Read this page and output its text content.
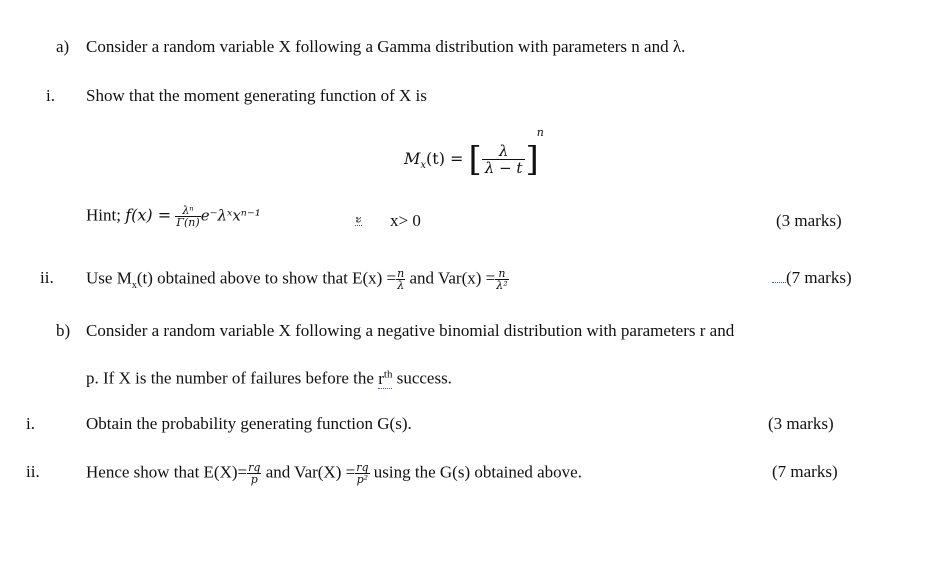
a) Consider a random variable X following a Gamma distribution with parameters n and λ.
i. Show that the moment generating function of X is
$M_x(t)$ = [ $\frac{\lambda}{\lambda - t} ]^n$
Hint; $f(x) = \frac{\text{λⁿ}}{\Gamma(n)}$ e⁻λˣxⁿ⁻¹	ะ x> 0	(3 marks)
ii. Use $M_x(t)$ obtained above to show that $E(x) = \frac{n}{\lambda}$ and $Var(x) = \frac{n}{\text{λ²}}$	(7 marks)
b) Consider a random variable X following a negative binomial distribution with parameters r and
p. If X is the number of failures before the $r^{th}$ success.
i.	Obtain the probability generating function G(s).	(3 marks)
ii.	Hence show that $E(X)= \frac{rq}{p}$ and $Var(X) = \frac{rq}{\text{p²}}$ using the G(s) obtained above.	(7 marks)
